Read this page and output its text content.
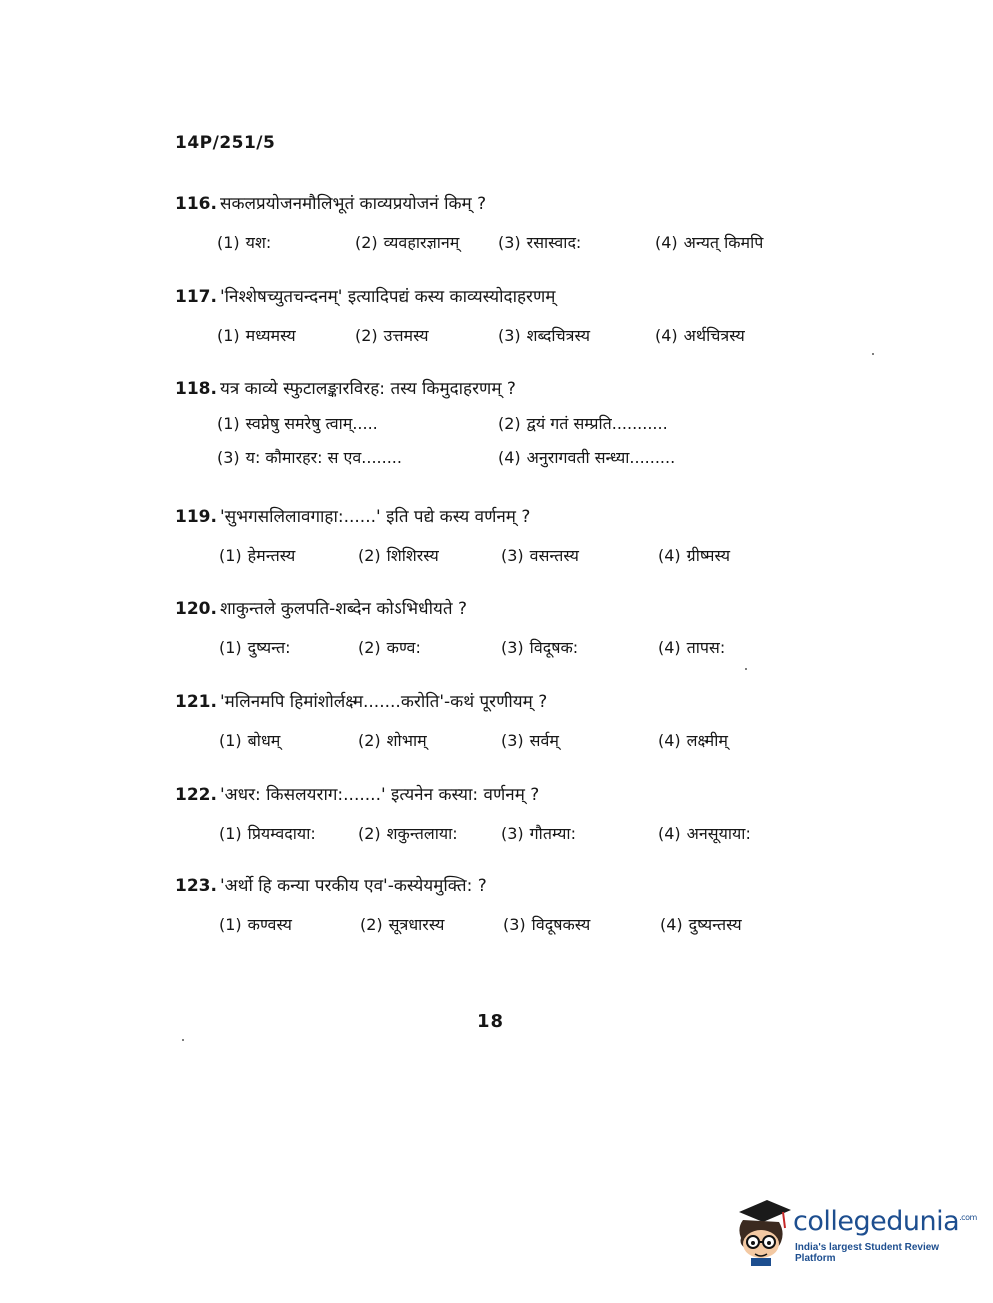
14P/251/5
116. सकलप्रयोजनमौलिभूतं काव्यप्रयोजनं किम् ?
(1) यश:	(2) व्यवहारज्ञानम् (3) रसास्वाद:	(4) अन्यत् किमपि
117. 'निश्शेषच्युतचन्दनम्' इत्यादिपद्यं कस्य काव्यस्योदाहरणम्
(1) मध्यमस्य	(2) उत्तमस्य	(3) शब्दचित्रस्य	(4) अर्थचित्रस्य
118. यत्र काव्ये स्फुटालङ्कारविरह: तस्य किमुदाहरणम् ?
(1) स्वप्नेषु समरेषु त्वाम्.....	(2) द्वयं गतं सम्प्रति...........
(3) य: कौमारहर: स एव........	(4) अनुरागवती सन्ध्या.........
119. 'सुभगसलिलावगाहा:......' इति पद्ये कस्य वर्णनम् ?
(1) हेमन्तस्य	(2) शिशिरस्य	(3) वसन्तस्य	(4) ग्रीष्मस्य
120. शाकुन्तले कुलपति-शब्देन कोऽभिधीयते ?
(1) दुष्यन्त:	(2) कण्व:	(3) विदूषक:	(4) तापस:
121. 'मलिनमपि हिमांशोर्लक्ष्म.......करोति'-कथं पूरणीयम् ?
(1) बोधम्	(2) शोभाम्	(3) सर्वम्	(4) लक्ष्मीम्
122. 'अधर: किसलयराग:.......' इत्यनेन कस्या: वर्णनम् ?
(1) प्रियम्वदाया:	(2) शकुन्तलाया:	(3) गौतम्या:	(4) अनसूयाया:
123. 'अर्थो हि कन्या परकीय एव'-कस्येयमुक्ति: ?
(1) कण्वस्य	(2) सूत्रधारस्य	(3) विदूषकस्य	(4) दुष्यन्तस्य
18
collegedunia$^{.com}$
India's largest Student Review Platform
